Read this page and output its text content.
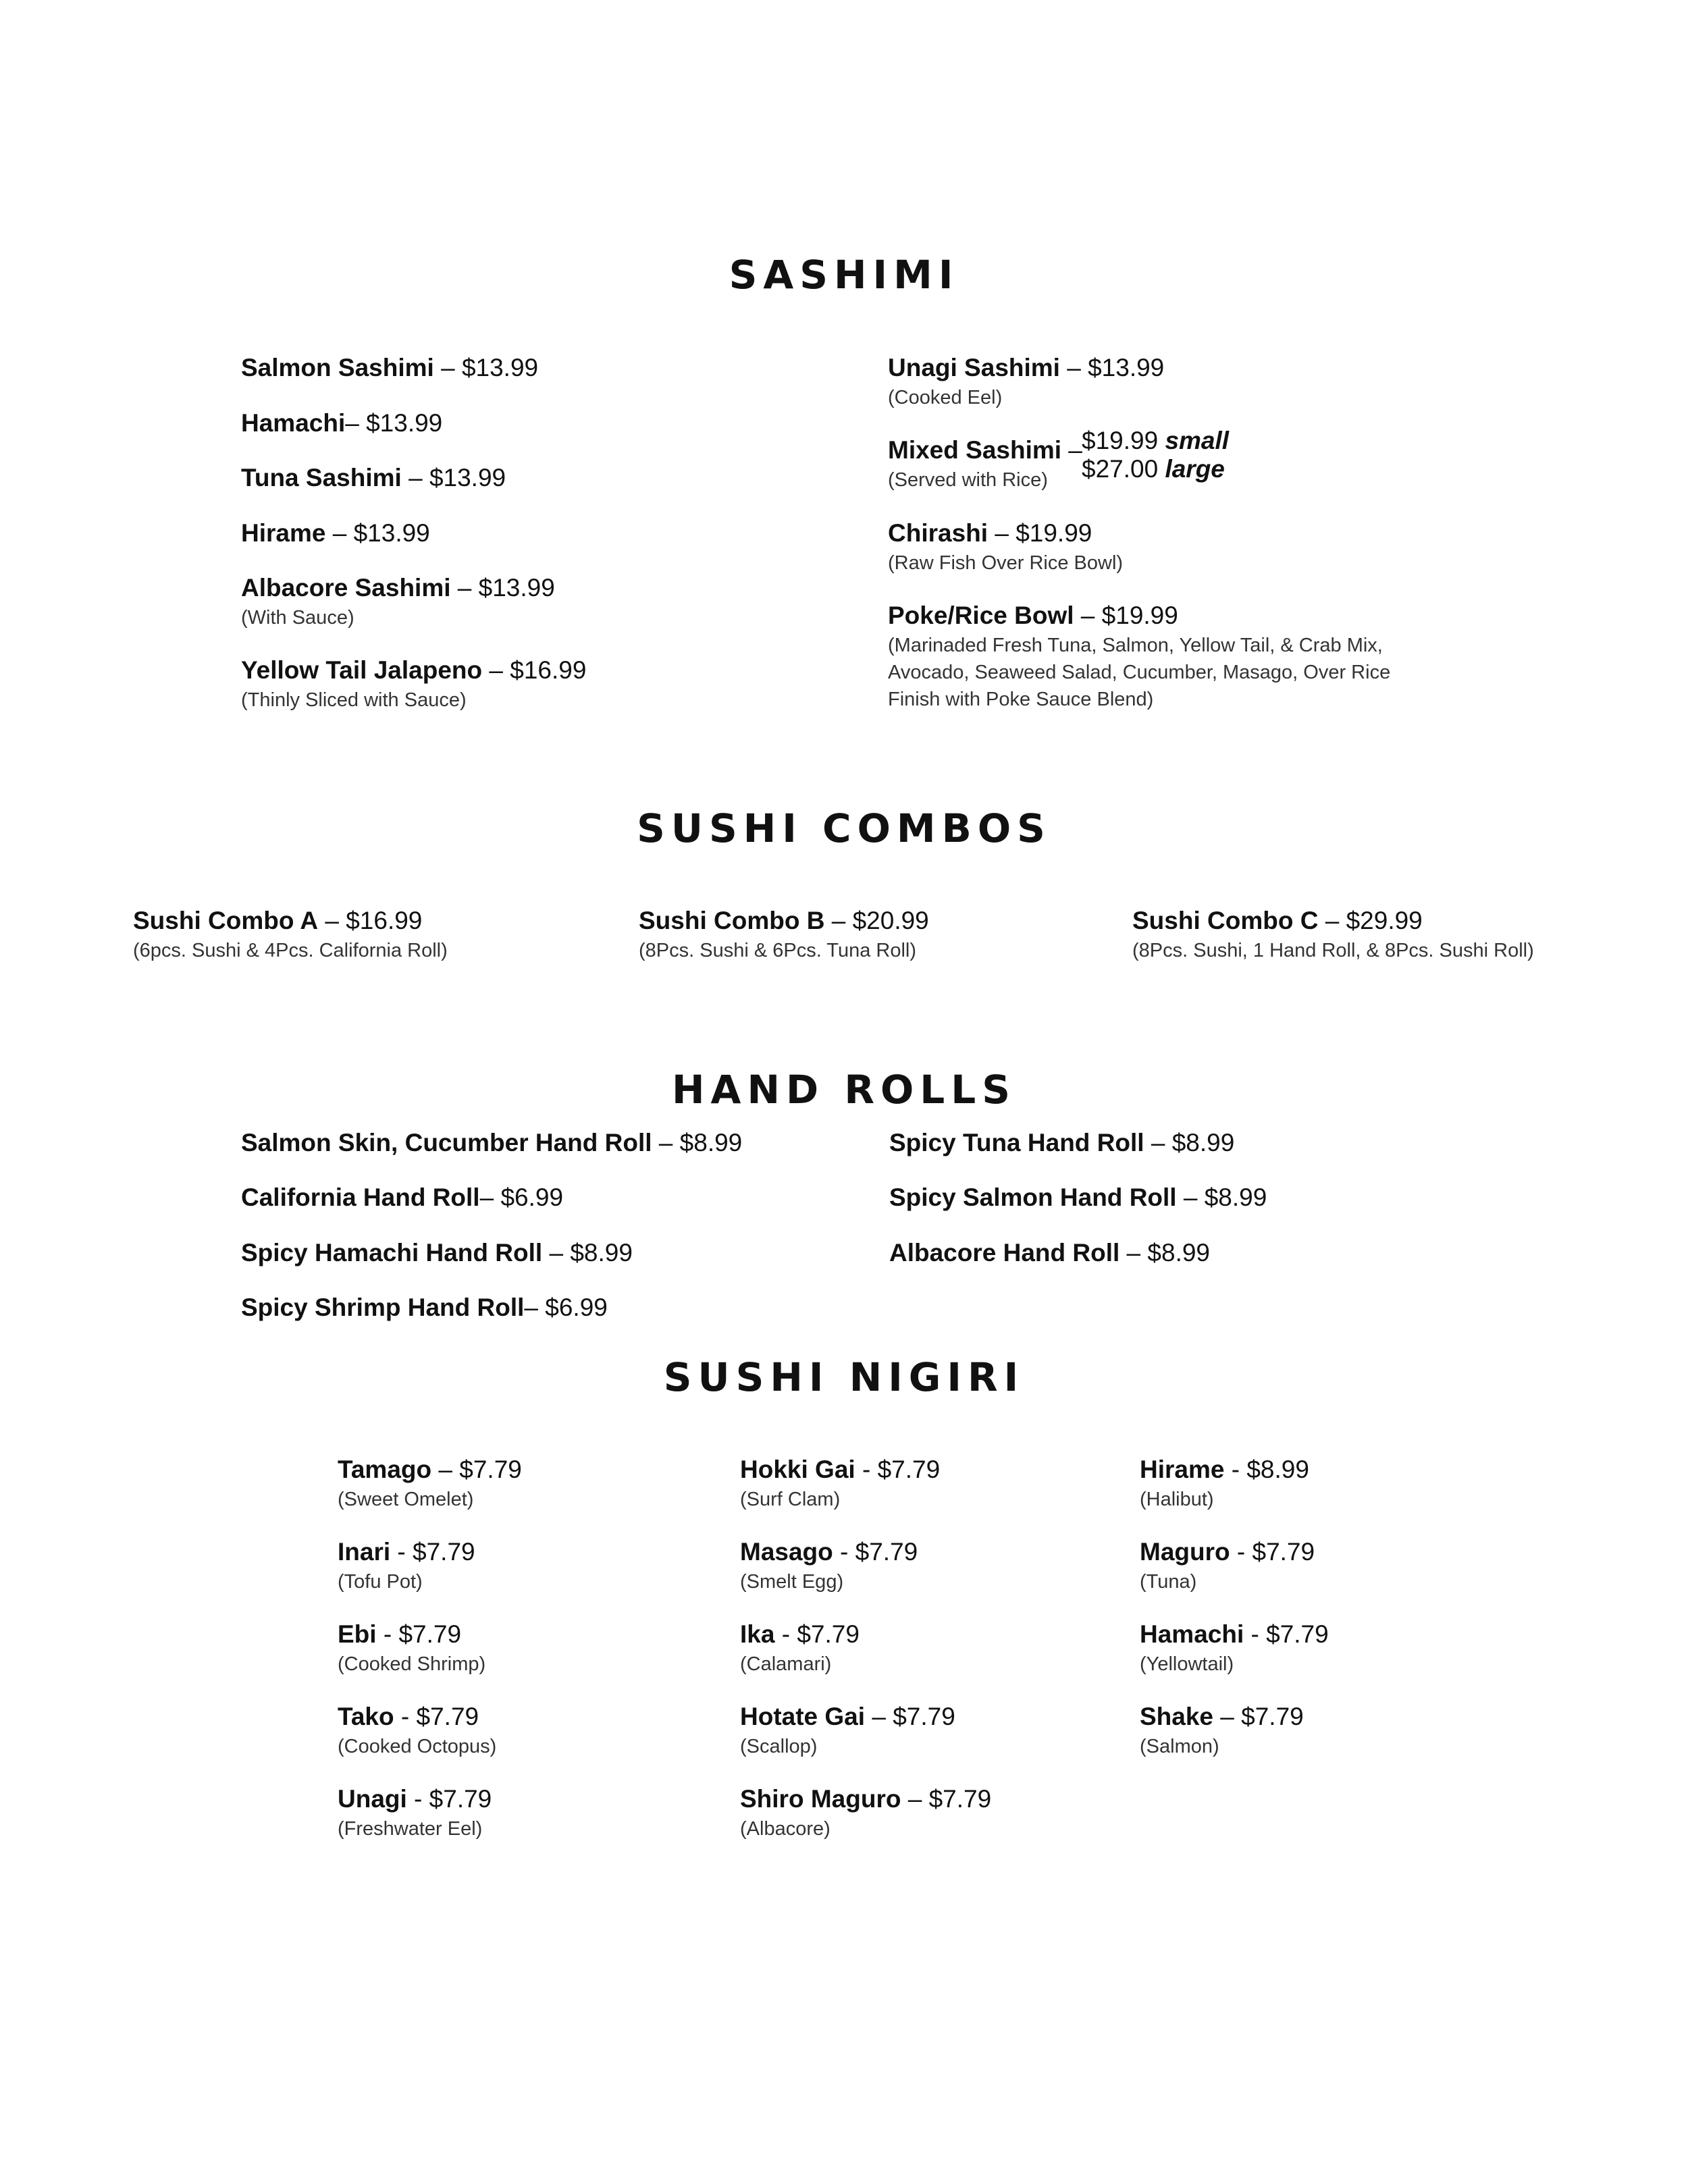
SASHIMI
Salmon Sashimi – $13.99
Hamachi– $13.99
Tuna Sashimi – $13.99
Hirame – $13.99
Albacore Sashimi – $13.99
(With Sauce)
Yellow Tail Jalapeno – $16.99
(Thinly Sliced with Sauce)
Unagi Sashimi – $13.99
(Cooked Eel)
Mixed Sashimi –
(Served with Rice)
$19.99 small
$27.00 large
Chirashi – $19.99
(Raw Fish Over Rice Bowl)
Poke/Rice Bowl – $19.99
(Marinaded Fresh Tuna, Salmon, Yellow Tail, & Crab Mix,
Avocado, Seaweed Salad, Cucumber, Masago, Over Rice
Finish with Poke Sauce Blend)
SUSHI COMBOS
Sushi Combo A – $16.99
(6pcs. Sushi & 4Pcs. California Roll)
Sushi Combo B – $20.99
(8Pcs. Sushi & 6Pcs. Tuna Roll)
Sushi Combo C – $29.99
(8Pcs. Sushi, 1 Hand Roll, & 8Pcs. Sushi Roll)
HAND ROLLS
Salmon Skin, Cucumber Hand Roll – $8.99
California Hand Roll– $6.99
Spicy Hamachi Hand Roll – $8.99
Spicy Shrimp Hand Roll– $6.99
Spicy Tuna Hand Roll – $8.99
Spicy Salmon Hand Roll – $8.99
Albacore Hand Roll – $8.99
SUSHI NIGIRI
Tamago – $7.79
(Sweet Omelet)
Inari - $7.79
(Tofu Pot)
Ebi - $7.79
(Cooked Shrimp)
Tako - $7.79
(Cooked Octopus)
Unagi - $7.79
(Freshwater Eel)
Hokki Gai - $7.79
(Surf Clam)
Masago - $7.79
(Smelt Egg)
Ika - $7.79
(Calamari)
Hotate Gai – $7.79
(Scallop)
Shiro Maguro – $7.79
(Albacore)
Hirame - $8.99
(Halibut)
Maguro - $7.79
(Tuna)
Hamachi - $7.79
(Yellowtail)
Shake – $7.79
(Salmon)
